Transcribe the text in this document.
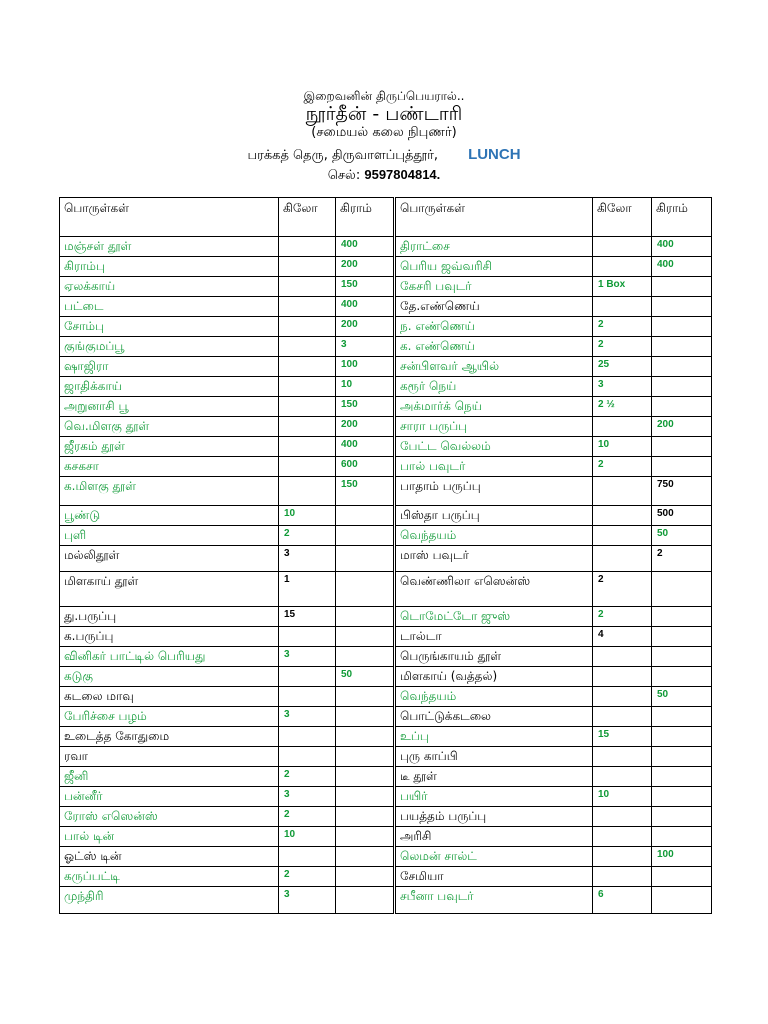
இறைவனின் திருப்பெயரால்..
நூர்தீன் - பண்டாரி
(சமையல் கலை நிபுணர்)
பரக்கத் தெரு, திருவாளப்புத்தூர், LUNCH
செல்: 9597804814.
பொருள்கள்	கிலோ	கிராம்	பொருள்கள்	கிலோ	கிராம்
மஞ்சள் தூள்		400	திராட்சை		400
கிராம்பு		200	பெரிய ஜவ்வரிசி		400
ஏலக்காய்		150	கேசரி பவுடர்	1 Box	
பட்டை		400	தே.எண்ணெய்		
சோம்பு		200	ந. எண்ணெய்	2	
குங்குமப்பூ		3	க. எண்ணெய்	2	
ஷாஜிரா		100	சன்பிளவர் ஆயில்	25	
ஜாதிக்காய்		10	கரூர் நெய்	3	
அறுனாசி பூ		150	அக்மார்க் நெய்	2 ½	
வெ.மிளகு தூள்		200	சாரா பருப்பு		200
ஜீரகம் தூள்		400	பேட்ட வெல்லம்	10	
கசகசா		600	பால் பவுடர்	2	
க.மிளகு தூள்		150	பாதாம் பருப்பு		750
பூண்டு	10		பிஸ்தா பருப்பு		500
புளி	2		வெந்தயம்		50
மல்லிதூள்	3		மாஸ் பவுடர்		2
மிளகாய் தூள்	1		வெண்ணிலா எஸென்ஸ்	2	
து.பருப்பு	15		டொமேட்டோ ஜுஸ்	2	
க.பருப்பு			டால்டா	4	
வினிகர் பாட்டில் பெரியது	3		பெருங்காயம் தூள்		
கடுகு		50	மிளகாய் (வத்தல்)		
கடலை மாவு			வெந்தயம்		50
பேரிச்சை பழம்	3		பொட்டுக்கடலை		
உடைத்த கோதுமை			உப்பு	15	
ரவா			புரு காப்பி		
ஜீனி	2		டீ தூள்		
பன்னீர்	3		பயிர்	10	
ரோஸ் எஸென்ஸ்	2		பயத்தம் பருப்பு		
பால் டின்	10		அரிசி		
ஓட்ஸ் டின்			லெமன் சால்ட்		100
கருப்பட்டி	2		சேமியா		
முந்திரி	3		சபீனா பவுடர்	6	
